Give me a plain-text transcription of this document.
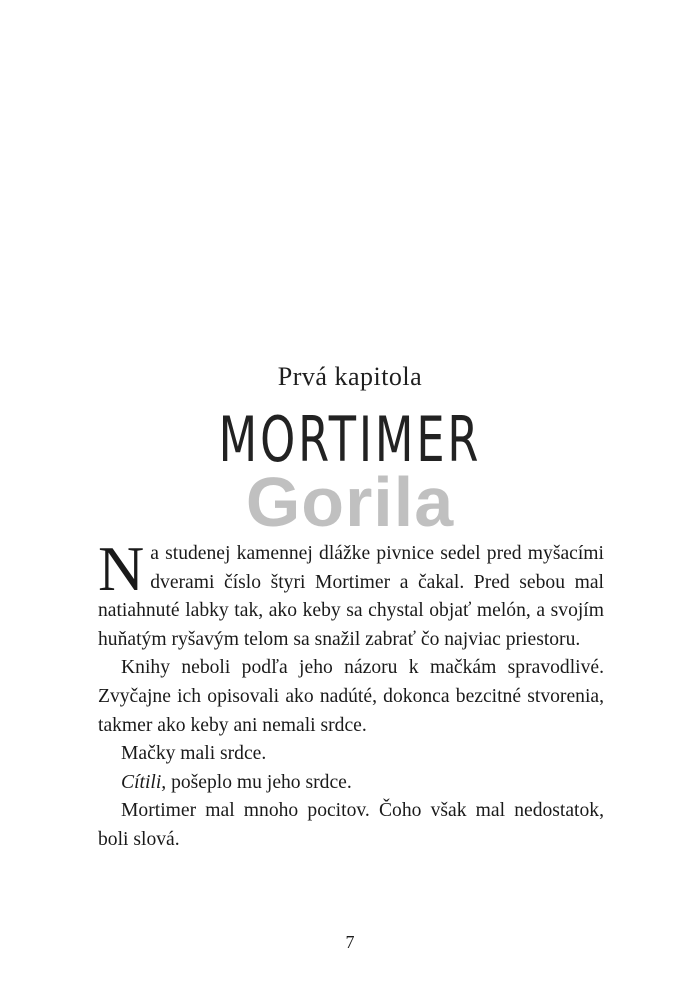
Prvá kapitola
MORTIMER
Gorila

Na studenej kamennej dlážke pivnice sedel pred myšacími dverami číslo štyri Mortimer a čakal. Pred sebou mal natiahnuté labky tak, ako keby sa chystal objať melón, a svojím huňatým ryšavým telom sa snažil zabrať čo najviac priestoru.

Knihy neboli podľa jeho názoru k mačkám spravodlivé. Zvyčajne ich opisovali ako nadúté, dokonca bezcitné stvorenia, takmer ako keby ani nemali srdce.

Mačky mali srdce.

Cítili, pošeplo mu jeho srdce.

Mortimer mal mnoho pocitov. Čoho však mal nedostatok, boli slová.

7
